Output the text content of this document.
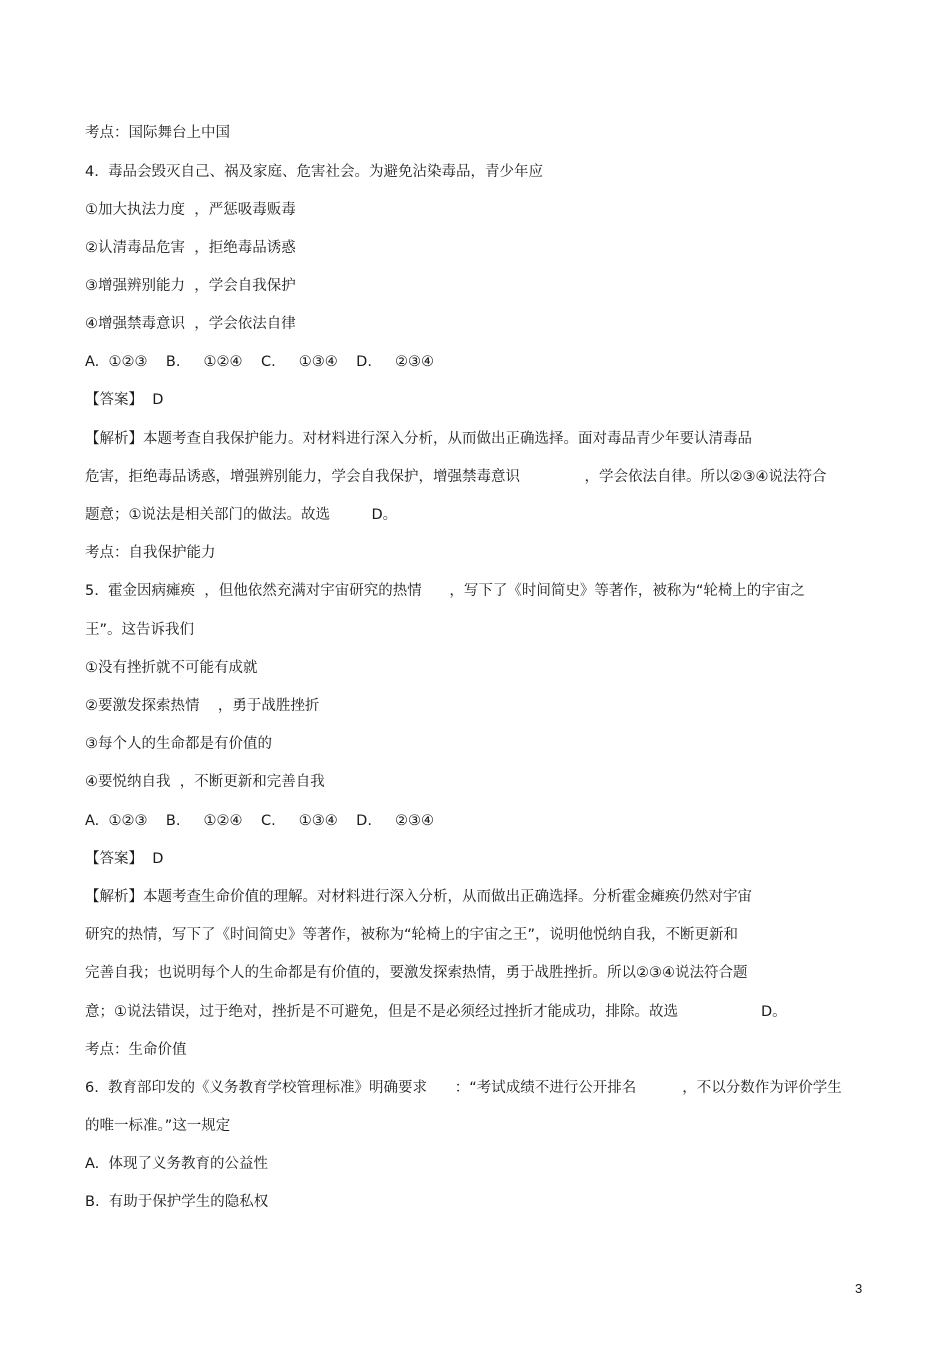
考点：国际舞台上中国
4.  毒品会毁灭自己、祸及家庭、危害社会。为避免沾染毒品，青少年应
①加大执法力度  ，严惩吸毒贩毒
②认清毒品危害  ，拒绝毒品诱惑
③增强辨别能力  ，学会自我保护
④增强禁毒意识  ，学会依法自律
A.  ①②③    B.     ①②④    C.     ①③④    D.     ②③④
【答案】  D
【解析】本题考查自我保护能力。对材料进行深入分析，从而做出正确选择。面对毒品青少年要认清毒品
危害，拒绝毒品诱惑，增强辨别能力，学会自我保护，增强禁毒意识              ，学会依法自律。所以②③④说法符合
题意；①说法是相关部门的做法。故选         D。
考点：自我保护能力
5.  霍金因病瘫痪  ，但他依然充满对宇宙研究的热情      ，写下了《时间简史》等著作，被称为“轮椅上的宇宙之
王”。这告诉我们
①没有挫折就不可能有成就
②要激发探索热情    ，勇于战胜挫折
③每个人的生命都是有价值的
④要悦纳自我  ，不断更新和完善自我
A.  ①②③    B.     ①②④    C.     ①③④    D.     ②③④
【答案】  D
【解析】本题考查生命价值的理解。对材料进行深入分析，从而做出正确选择。分析霍金瘫痪仍然对宇宙
研究的热情，写下了《时间简史》等著作，被称为“轮椅上的宇宙之王”，说明他悦纳自我，不断更新和
完善自我；也说明每个人的生命都是有价值的，要激发探索热情，勇于战胜挫折。所以②③④说法符合题
意；①说法错误，过于绝对，挫折是不可避免，但是不是必须经过挫折才能成功，排除。故选                  D。
考点：生命价值
6.  教育部印发的《义务教育学校管理标准》明确要求      ：“考试成绩不进行公开排名          ，不以分数作为评价学生
的唯一标准。”这一规定
A.  体现了义务教育的公益性
B.  有助于保护学生的隐私权
3
